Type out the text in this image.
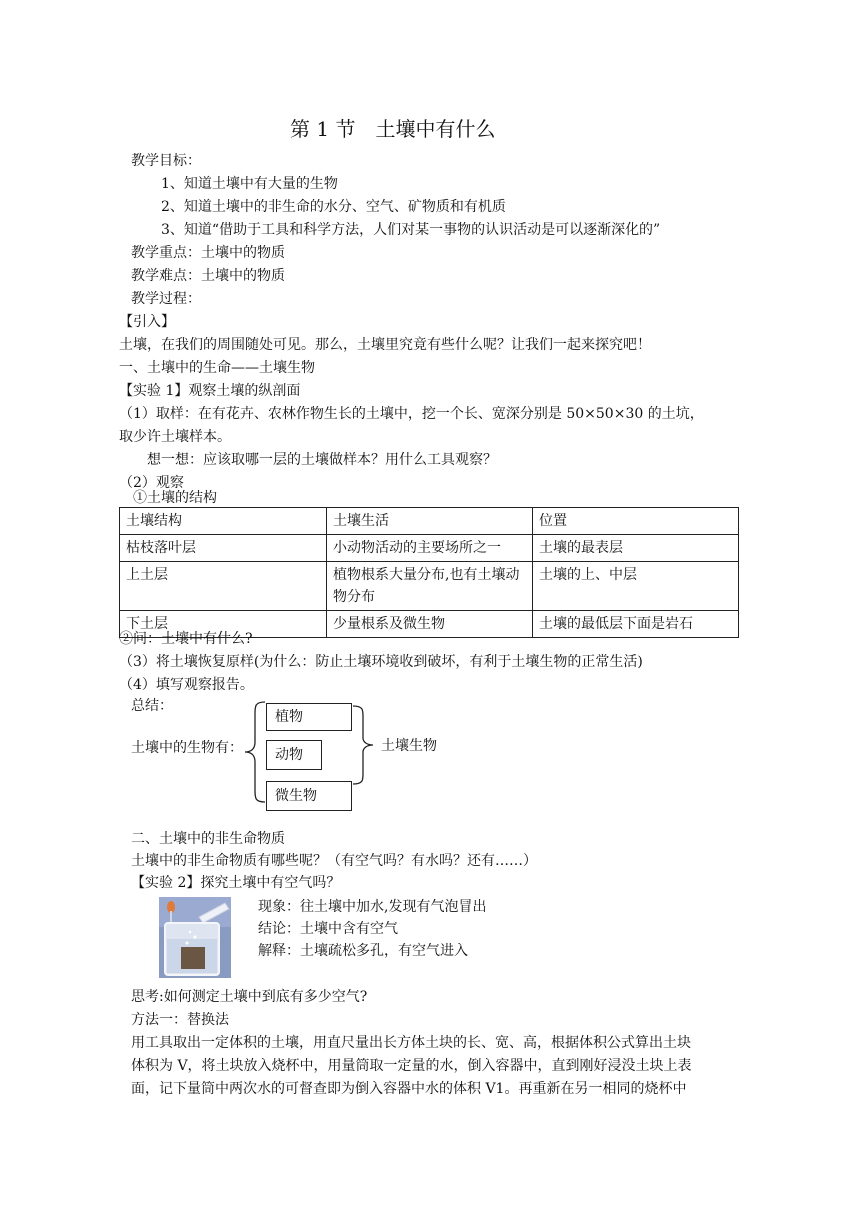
第 1 节　土壤中有什么
教学目标：
1、知道土壤中有大量的生物
2、知道土壤中的非生命的水分、空气、矿物质和有机质
3、知道“借助于工具和科学方法，人们对某一事物的认识活动是可以逐渐深化的”
教学重点：土壤中的物质
教学难点：土壤中的物质
教学过程：
【引入】
土壤，在我们的周围随处可见。那么，土壤里究竟有些什么呢？让我们一起来探究吧！
一、土壤中的生命——土壤生物
【实验 1】观察土壤的纵剖面
（1）取样：在有花卉、农林作物生长的土壤中，挖一个长、宽深分别是 50×50×30 的土坑，
取少许土壤样本。
想一想：应该取哪一层的土壤做样本？用什么工具观察？
（2）观察
①土壤的结构
土壤结构	土壤生活	位置
枯枝落叶层	小动物活动的主要场所之一	土壤的最表层
上土层	植物根系大量分布,也有土壤动物分布	土壤的上、中层
下土层	少量根系及微生物	土壤的最低层下面是岩石
②问：土壤中有什么?
（3）将土壤恢复原样(为什么：防止土壤环境收到破坏，有利于土壤生物的正常生活)
（4）填写观察报告。
总结：
土壤中的生物有：
植物
动物
微生物
土壤生物
二、土壤中的非生命物质
土壤中的非生命物质有哪些呢？（有空气吗？有水吗？还有……）
【实验 2】探究土壤中有空气吗？
现象：往土壤中加水,发现有气泡冒出
结论：土壤中含有空气
解释：土壤疏松多孔，有空气进入
思考:如何测定土壤中到底有多少空气?
方法一：替换法
用工具取出一定体积的土壤，用直尺量出长方体土块的长、宽、高，根据体积公式算出土块
体积为 V，将土块放入烧杯中，用量筒取一定量的水，倒入容器中，直到刚好浸没土块上表
面，记下量筒中两次水的可督查即为倒入容器中水的体积 V1。再重新在另一相同的烧杯中
